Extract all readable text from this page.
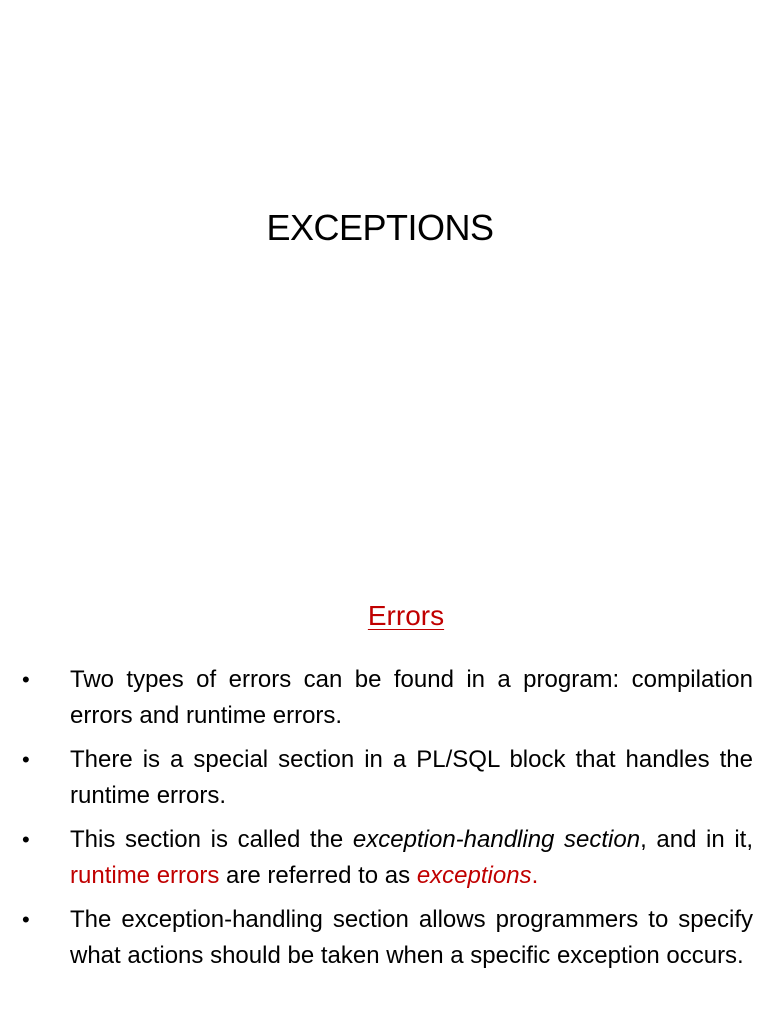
EXCEPTIONS
Errors
• Two types of errors can be found in a program: compilation errors and runtime errors.
• There is a special section in a PL/SQL block that handles the runtime errors.
• This section is called the exception-handling section, and in it, runtime errors are referred to as exceptions.
• The exception-handling section allows programmers to specify what actions should be taken when a specific exception occurs.
